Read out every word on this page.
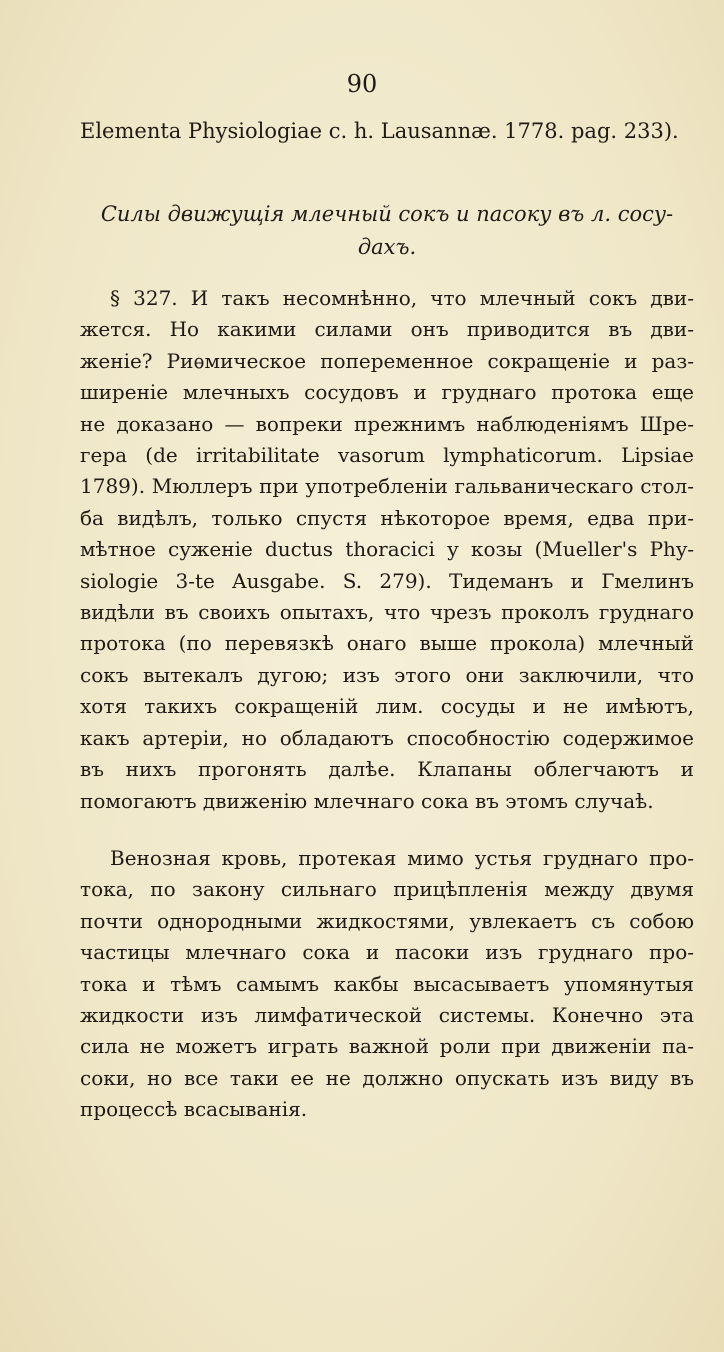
90
Elementa Physiologiae c. h. Lausannæ. 1778. pag. 233).
Силы движущія млечный сокъ и пасоку въ л. сосу- дахъ.
§ 327. И такъ несомнѣнно, что млечный сокъ дви-
жется. Но какими силами онъ приводится въ дви-
женіе? Риѳмическое попеременное сокращеніе и раз-
ширеніе млечныхъ сосудовъ и груднаго протока еще
не доказано — вопреки прежнимъ наблюденіямъ Шре-
гера (de irritabilitate vasorum lymphaticorum. Lipsiae
1789). Мюллеръ при употребленіи гальваническаго стол-
ба видѣлъ, только спустя нѣкоторое время, едва при-
мѣтное суженіе ductus thoracici у козы (Mueller's Phy-
siologie 3-te Ausgabe. S. 279). Тидеманъ и Гмелинъ
видѣли въ своихъ опытахъ, что чрезъ проколъ груднаго
протока (по перевязкѣ онаго выше прокола) млечный
сокъ вытекалъ дугою; изъ этого они заключили, что
хотя такихъ сокращеній лим. сосуды и не имѣютъ,
какъ артеріи, но обладаютъ способностію содержимое
въ нихъ прогонять далѣе. Клапаны облегчаютъ и
помогаютъ движенію млечнаго сока въ этомъ случаѣ.
Венозная кровь, протекая мимо устья груднаго про-
тока, по закону сильнаго прицѣпленія между двумя
почти однородными жидкостями, увлекаетъ съ собою
частицы млечнаго сока и пасоки изъ груднаго про-
тока и тѣмъ самымъ какбы высасываетъ упомянутыя
жидкости изъ лимфатической системы. Конечно эта
сила не можетъ играть важной роли при движеніи па-
соки, но все таки ее не должно опускать изъ виду въ
процессѣ всасыванія.
